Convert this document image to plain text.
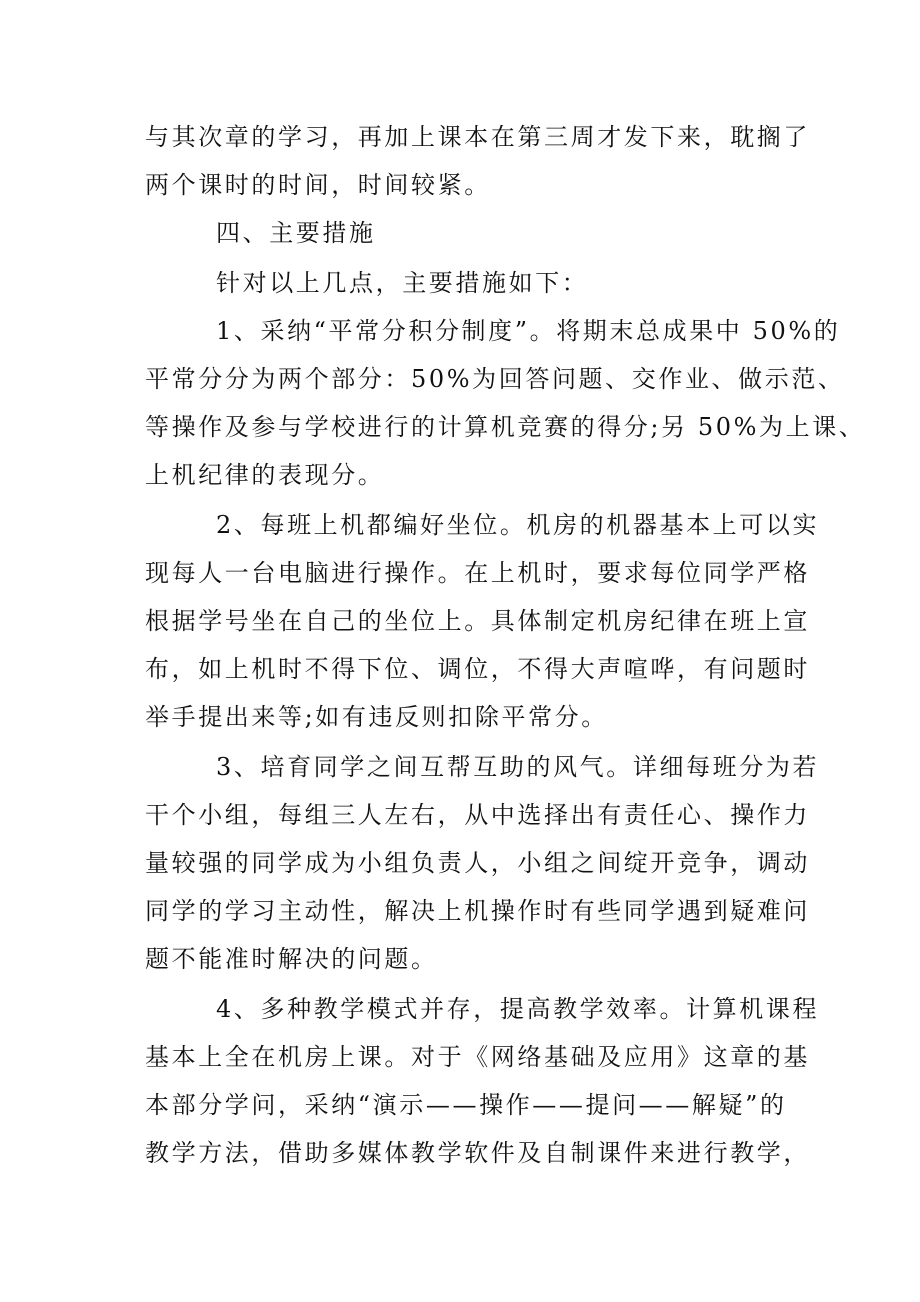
与其次章的学习，再加上课本在第三周才发下来，耽搁了
两个课时的时间，时间较紧。
四、主要措施
针对以上几点，主要措施如下：
1、采纳“平常分积分制度”。将期末总成果中 50%的
平常分分为两个部分：50%为回答问题、交作业、做示范、
等操作及参与学校进行的计算机竞赛的得分;另 50%为上课、
上机纪律的表现分。
2、每班上机都编好坐位。机房的机器基本上可以实
现每人一台电脑进行操作。在上机时，要求每位同学严格
根据学号坐在自己的坐位上。具体制定机房纪律在班上宣
布，如上机时不得下位、调位，不得大声喧哗，有问题时
举手提出来等;如有违反则扣除平常分。
3、培育同学之间互帮互助的风气。详细每班分为若
干个小组，每组三人左右，从中选择出有责任心、操作力
量较强的同学成为小组负责人，小组之间绽开竞争，调动
同学的学习主动性，解决上机操作时有些同学遇到疑难问
题不能准时解决的问题。
4、多种教学模式并存，提高教学效率。计算机课程
基本上全在机房上课。对于《网络基础及应用》这章的基
本部分学问，采纳“演示——操作——提问——解疑”的
教学方法，借助多媒体教学软件及自制课件来进行教学，
